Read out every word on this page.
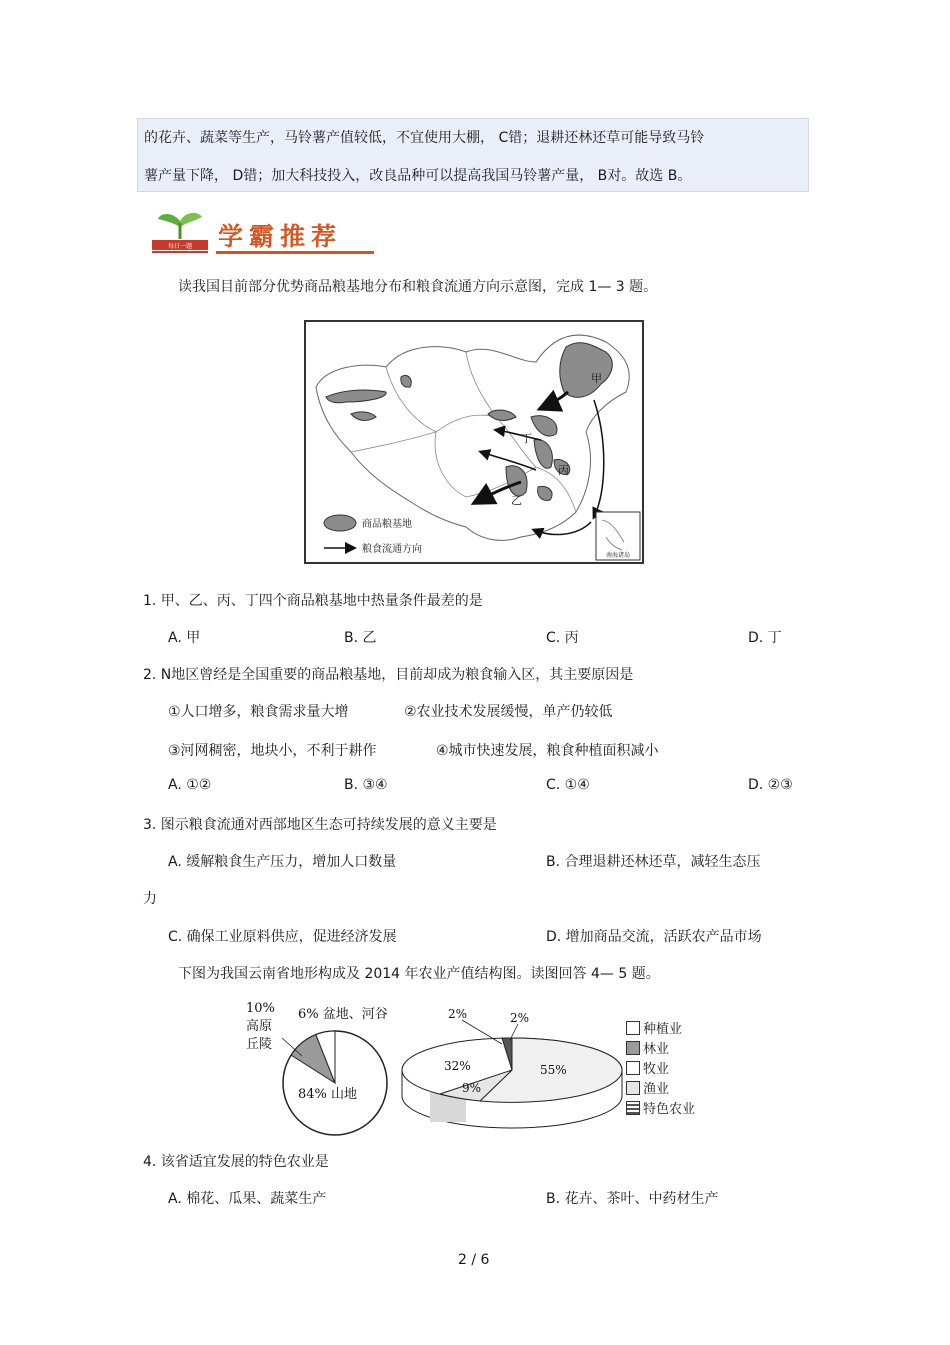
的花卉、蔬菜等生产，马铃薯产值较低，不宜使用大棚， C错；退耕还林还草可能导致马铃
薯产量下降， D错；加大科技投入，改良品种可以提高我国马铃薯产量， B对。故选 B。
每日一题 学霸推荐
读我国目前部分优势商品粮基地分布和粮食流通方向示意图，完成 1— 3 题。
甲
乙
丙
丁
商品粮基地
粮食流通方向
南海诸岛
1. 甲、乙、丙、丁四个商品粮基地中热量条件最差的是
A. 甲	B. 乙	C. 丙	D. 丁
2. N地区曾经是全国重要的商品粮基地，目前却成为粮食输入区，其主要原因是
①人口增多，粮食需求量大增	②农业技术发展缓慢，单产仍较低
③河网稠密，地块小，不利于耕作	④城市快速发展，粮食种植面积减小
A. ①②	B. ③④	C. ①④	D. ②③
3. 图示粮食流通对西部地区生态可持续发展的意义主要是
A. 缓解粮食生产压力，增加人口数量	B. 合理退耕还林还草，减轻生态压
力
C. 确保工业原料供应，促进经济发展	D. 增加商品交流，活跃农产品市场
下图为我国云南省地形构成及 2014 年农业产值结构图。读图回答 4— 5 题。
10%
高原
丘陵
6% 盆地、河谷
84% 山地
55%
32%
9%
2%	2%
种植业
林业
牧业
渔业
特色农业
4. 该省适宜发展的特色农业是
A. 棉花、瓜果、蔬菜生产	B. 花卉、茶叶、中药材生产
2 / 6
